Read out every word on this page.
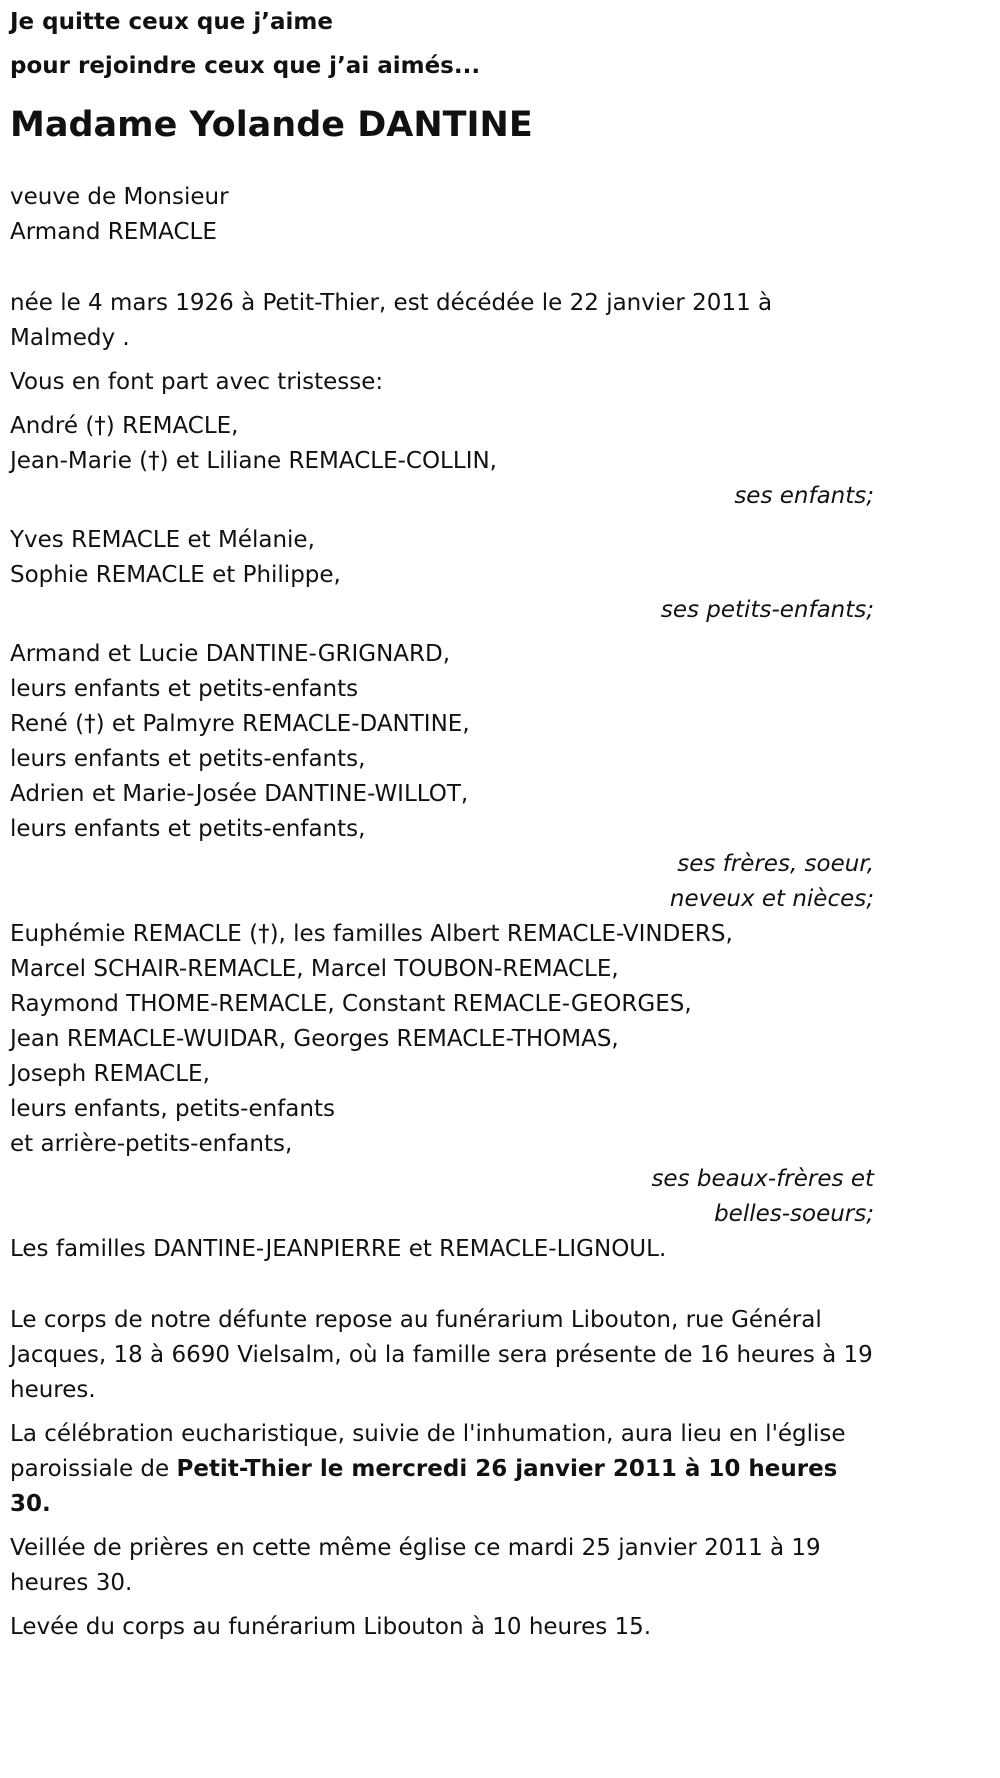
Je quitte ceux que j’aime
pour rejoindre ceux que j’ai aimés...
Madame Yolande DANTINE

veuve de Monsieur
Armand REMACLE

née le 4 mars 1926 à Petit-Thier, est décédée le 22 janvier 2011 à
Malmedy .

Vous en font part avec tristesse:

André (†) REMACLE,
Jean-Marie (†) et Liliane REMACLE-COLLIN,
ses enfants;

Yves REMACLE et Mélanie,
Sophie REMACLE et Philippe,
ses petits-enfants;

Armand et Lucie DANTINE-GRIGNARD,
leurs enfants et petits-enfants
René (†) et Palmyre REMACLE-DANTINE,
leurs enfants et petits-enfants,
Adrien et Marie-Josée DANTINE-WILLOT,
leurs enfants et petits-enfants,
ses frères, soeur,
neveux et nièces;

Euphémie REMACLE (†), les familles Albert REMACLE-VINDERS,
Marcel SCHAIR-REMACLE, Marcel TOUBON-REMACLE,
Raymond THOME-REMACLE, Constant REMACLE-GEORGES,
Jean REMACLE-WUIDAR, Georges REMACLE-THOMAS,
Joseph REMACLE,
leurs enfants, petits-enfants
et arrière-petits-enfants,
ses beaux-frères et
belles-soeurs;

Les familles DANTINE-JEANPIERRE et REMACLE-LIGNOUL.

Le corps de notre défunte repose au funérarium Libouton, rue Général
Jacques, 18 à 6690 Vielsalm, où la famille sera présente de 16 heures à 19
heures.

La célébration eucharistique, suivie de l'inhumation, aura lieu en l'église
paroissiale de Petit-Thier le mercredi 26 janvier 2011 à 10 heures 30.

Veillée de prières en cette même église ce mardi 25 janvier 2011 à 19
heures 30.

Levée du corps au funérarium Libouton à 10 heures 15.
